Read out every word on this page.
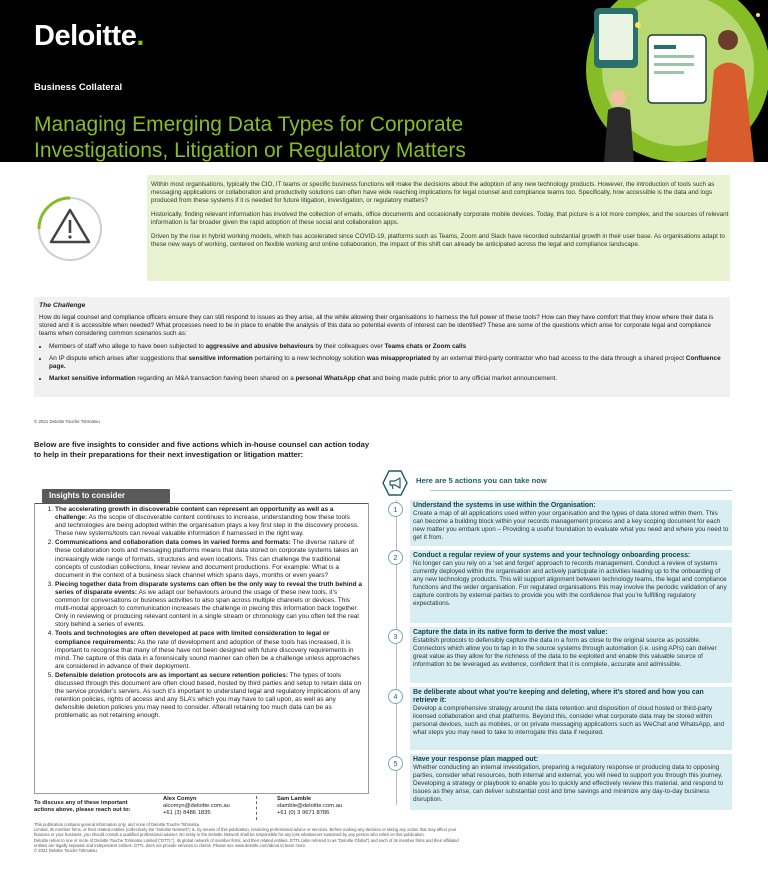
Deloitte.
Business Collateral
Managing Emerging Data Types for Corporate Investigations, Litigation or Regulatory Matters

Within most organisations, typically the CIO, IT teams or specific business functions will make the decisions about the adoption of any new technology products. However, the introduction of tools such as messaging applications or collaboration and productivity solutions can often have wide reaching implications for legal counsel and compliance teams too. Specifically, how accessible is the data and logs produced from these systems if it is needed for future litigation, investigation, or regulatory matters?

Historically, finding relevant information has involved the collection of emails, office documents and occasionally corporate mobile devices. Today, that picture is a lot more complex, and the sources of relevant information is far broader given the rapid adoption of these social and collaboration apps.

Driven by the rise in hybrid working models, which has accelerated since COVID-19, platforms such as Teams, Zoom and Slack have recorded substantial growth in their user base. As organisations adapt to these new ways of working, centered on flexible working and online collaboration, the impact of this shift can already be anticipated across the legal and compliance landscape.

The Challenge

How do legal counsel and compliance officers ensure they can still respond to issues as they arise, all the while allowing their organisations to harness the full power of these tools? How can they have comfort that they know where their data is stored and it is accessible when needed? What processes need to be in place to enable the analysis of this data so potential events of interest can be identified? These are some of the questions which arise for corporate legal and compliance teams when considering common scenarios such as:

• Members of staff who allege to have been subjected to aggressive and abusive behaviours by their colleagues over Teams chats or Zoom calls
• An IP dispute which arises after suggestions that sensitive information pertaining to a new technology solution was misappropriated by an external third-party contractor who had access to the data through a shared project Confluence page.
• Market sensitive information regarding an M&A transaction having been shared on a personal WhatsApp chat and being made public prior to any official market announcement.
© 2021 Deloitte Touche Tohmatsu
Below are five insights to consider and five actions which in-house counsel can action today to help in their preparations for their next investigation or litigation matter:
Insights to consider
1. The accelerating growth in discoverable content can represent an opportunity as well as a challenge: As the scope of discoverable content continues to increase, understanding how these tools and technologies are being adopted within the organisation plays a key first step in the discovery process. These new systems/tools can reveal valuable information if harnessed in the right way.
2. Communications and collaboration data comes in varied forms and formats: The diverse nature of these collaboration tools and messaging platforms means that data stored on corporate systems takes an increasingly wide range of formats, structures and even locations. This can challenge the traditional concepts of custodian collections, linear review and document productions. For example: What is a document in the context of a business slack channel which spans days, months or even years?
3. Piecing together data from disparate systems can often be the only way to reveal the truth behind a series of disparate events: As we adapt our behaviours around the usage of these new tools, it’s common for conversations or business activities to also span across multiple channels or devices. This multi-modal approach to communication increases the challenge in piecing this information back together. Only in reviewing or producing relevant content in a single stream or chronology can you often tell the real story behind a series of events.
4. Tools and technologies are often developed at pace with limited consideration to legal or compliance requirements: As the rate of development and adoption of these tools has increased, it is important to recognise that many of these have not been designed with future discovery requirements in mind. The capture of this data in a forensically sound manner can often be a challenge unless approaches are considered in advance of their deployment.
5. Defensible deletion protocols are as important as secure retention policies: The types of tools discussed through this document are often cloud based, hosted by third parties and setup to retain data on the service provider’s servers. As such it’s important to understand legal and regulatory implications of any retention policies, rights of access and any SLA’s which you may have to call upon, as well as any defensible deletion policies you may need to consider. Afterall retaining too much data can be as problematic as not retaining enough.
To discuss any of these important actions above, please reach out to:
Alex Comyn
alcomyn@deloitte.com.au
+61 (3) 8486 1835
Sam Lamble
slamble@deloitte.com.au
+61 (0) 3 9671 8786
This publication contains general information only, and none of Deloitte Touche Tohmatsu
Limited, its member firms, or their related entities (collectively the "Deloitte Network") is, by means of this publication, rendering professional advice or services. Before making any decision or taking any action that may affect your
finances or your business, you should consult a qualified professional adviser. No entity in the Deloitte Network shall be responsible for any loss whatsoever sustained by any person who relies on this publication.
Deloitte refers to one or more of Deloitte Touche Tohmatsu Limited ("DTTL"), its global network of member firms, and their related entities. DTTL (also referred to as "Deloitte Global") and each of its member firms and their affiliated
entities are legally separate and independent entities. DTTL does not provide services to clients. Please see www.deloitte.com/about to learn more.
© 2021 Deloitte Touche Tohmatsu.
Here are 5 actions you can take now
1
Understand the systems in use within the Organisation:

Create a map of all applications used within your organisation and the types of data stored within them. This can become a building block within your records management process and a key scoping document for each new matter you embark upon – Providing a useful foundation to evaluate what you need and where you need to get it from.

2	Conduct a regular review of your systems and your technology onboarding process:

No longer can you rely on a ‘set and forget’ approach to records management. Conduct a review of systems currently deployed within the organisation and actively participate in activities leading up to the onboarding of any new technology products. This will support alignment between technology teams, the legal and compliance functions and the wider organisation. For regulated organisations this may involve the periodic validation of any capture controls by external parties to provide you with the confidence that you’re fulfilling regulatory expectations.

3
Capture the data in its native form to derive the most value:

Establish protocols to defensibly capture the data in a form as close to the original source as possible. Connectors which allow you to tap in to the source systems through automation (i.e. using APIs) can deliver great value as they allow for the richness of the data to be exploited and enable this valuable source of information to be leveraged as evidence, confident that it is complete, accurate and admissible.

4
Be deliberate about what you’re keeping and deleting, where it’s stored and how you can retrieve it:

Develop a comprehensive strategy around the data retention and disposition of cloud hosted or third-party licensed collaboration and chat platforms. Beyond this, consider what corporate data may be stored within personal devices, such as mobiles, or on private messaging applications such as WeChat and WhatsApp, and what steps you may need to take to interrogate this data if required.

5
Have your response plan mapped out:

Whether conducting an internal investigation, preparing a regulatory response or producing data to opposing parties, consider what resources, both internal and external, you will need to support you through this journey. Developing a strategy or playbook to enable you to quickly and effectively review this material, and respond to issues as they arise, can deliver substantial cost and time savings and minimize any day-to-day business disruption.
